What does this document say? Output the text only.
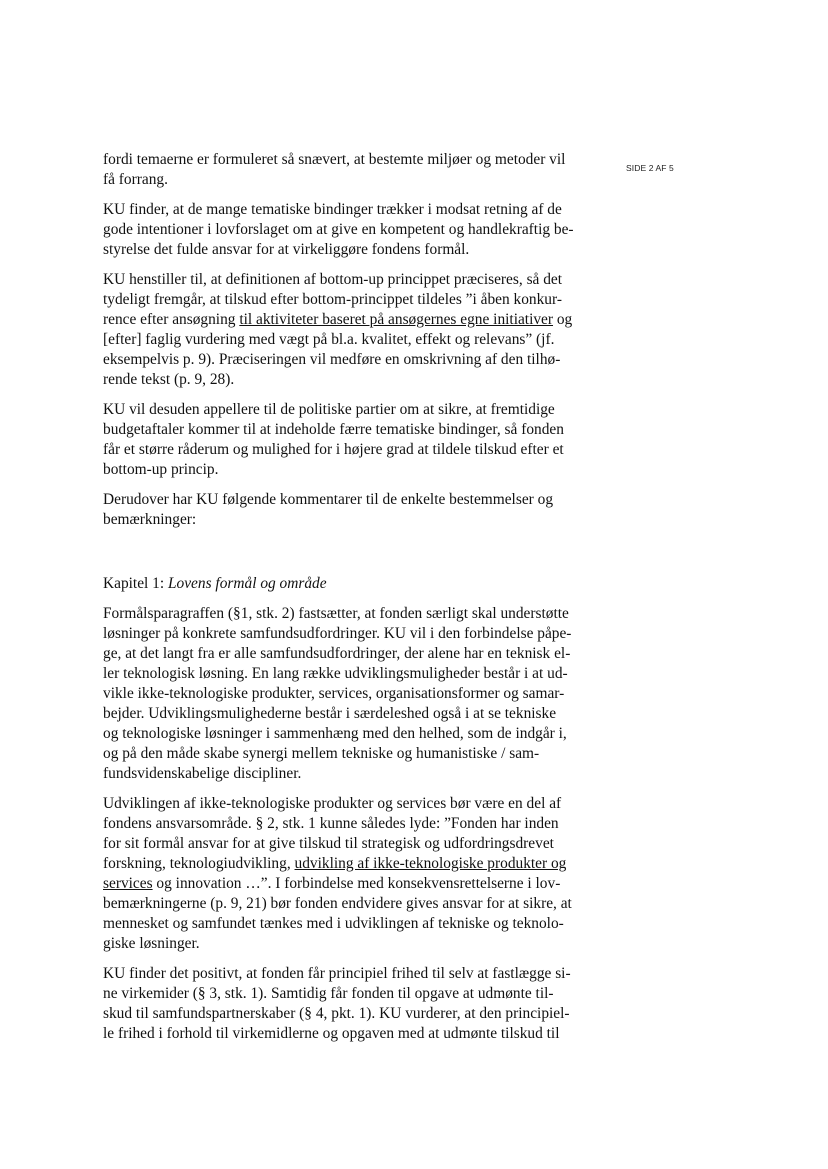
SIDE 2 AF 5

fordi temaerne er formuleret så snævert, at bestemte miljøer og metoder vil
få forrang.

KU finder, at de mange tematiske bindinger trækker i modsat retning af de
gode intentioner i lovforslaget om at give en kompetent og handlekraftig be-
styrelse det fulde ansvar for at virkeliggøre fondens formål.

KU henstiller til, at definitionen af bottom-up princippet præciseres, så det
tydeligt fremgår, at tilskud efter bottom-princippet tildeles ”i åben konkur-
rence efter ansøgning til aktiviteter baseret på ansøgernes egne initiativer og
[efter] faglig vurdering med vægt på bl.a. kvalitet, effekt og relevans” (jf.
eksempelvis p. 9). Præciseringen vil medføre en omskrivning af den tilhø-
rende tekst (p. 9, 28).

KU vil desuden appellere til de politiske partier om at sikre, at fremtidige
budgetaftaler kommer til at indeholde færre tematiske bindinger, så fonden
får et større råderum og mulighed for i højere grad at tildele tilskud efter et
bottom-up princip.

Derudover har KU følgende kommentarer til de enkelte bestemmelser og
bemærkninger:

Kapitel 1: Lovens formål og område

Formålsparagraffen (§1, stk. 2) fastsætter, at fonden særligt skal understøtte
løsninger på konkrete samfundsudfordringer. KU vil i den forbindelse påpe-
ge, at det langt fra er alle samfundsudfordringer, der alene har en teknisk el-
ler teknologisk løsning. En lang række udviklingsmuligheder består i at ud-
vikle ikke-teknologiske produkter, services, organisationsformer og samar-
bejder. Udviklingsmulighederne består i særdeleshed også i at se tekniske
og teknologiske løsninger i sammenhæng med den helhed, som de indgår i,
og på den måde skabe synergi mellem tekniske og humanistiske / sam-
fundsvidenskabelige discipliner.

Udviklingen af ikke-teknologiske produkter og services bør være en del af
fondens ansvarsområde. § 2, stk. 1 kunne således lyde: ”Fonden har inden
for sit formål ansvar for at give tilskud til strategisk og udfordringsdrevet
forskning, teknologiudvikling, udvikling af ikke-teknologiske produkter og
services og innovation …”. I forbindelse med konsekvensrettelserne i lov-
bemærkningerne (p. 9, 21) bør fonden endvidere gives ansvar for at sikre, at
mennesket og samfundet tænkes med i udviklingen af tekniske og teknolo-
giske løsninger.

KU finder det positivt, at fonden får principiel frihed til selv at fastlægge si-
ne virkemider (§ 3, stk. 1). Samtidig får fonden til opgave at udmønte til-
skud til samfundspartnerskaber (§ 4, pkt. 1). KU vurderer, at den principiel-
le frihed i forhold til virkemidlerne og opgaven med at udmønte tilskud til
